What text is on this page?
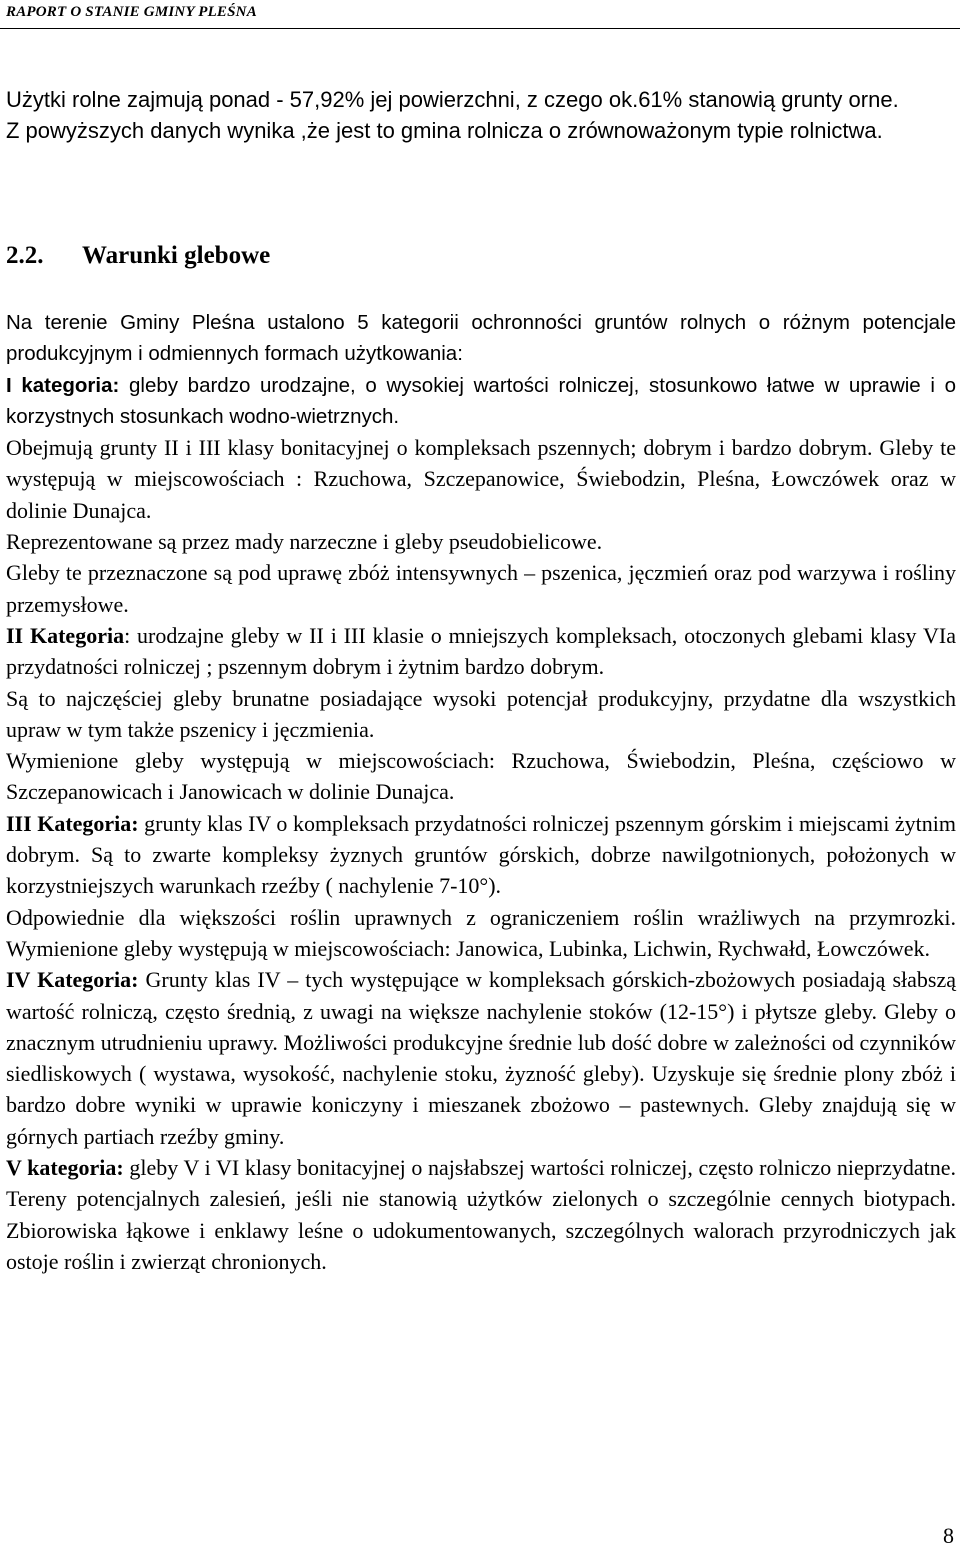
RAPORT O STANIE GMINY PLEŚNA

Użytki rolne zajmują ponad - 57,92% jej powierzchni, z czego ok.61% stanowią grunty orne.

Z powyższych danych wynika ,że jest to gmina rolnicza o zrównoważonym typie rolnictwa.

2.2. Warunki glebowe

Na terenie Gminy Pleśna ustalono 5 kategorii ochronności gruntów rolnych o różnym potencjale produkcyjnym i odmiennych formach użytkowania:

I kategoria: gleby bardzo urodzajne, o wysokiej wartości rolniczej, stosunkowo łatwe w uprawie i o korzystnych stosunkach wodno-wietrznych.

Obejmują grunty II i III klasy bonitacyjnej o kompleksach pszennych; dobrym i bardzo dobrym. Gleby te występują w miejscowościach : Rzuchowa, Szczepanowice, Świebodzin, Pleśna, Łowczówek oraz w dolinie Dunajca.

Reprezentowane są przez mady narzeczne i gleby pseudobielicowe.

Gleby te przeznaczone są pod uprawę zbóż intensywnych – pszenica, jęczmień oraz pod warzywa i rośliny przemysłowe.

II Kategoria: urodzajne gleby w II i III klasie o mniejszych kompleksach, otoczonych glebami klasy VIa przydatności rolniczej ; pszennym dobrym i żytnim bardzo dobrym.

Są to najczęściej gleby brunatne posiadające wysoki potencjał produkcyjny, przydatne dla wszystkich upraw w tym także pszenicy i jęczmienia.

Wymienione gleby występują w miejscowościach: Rzuchowa, Świebodzin, Pleśna, częściowo w Szczepanowicach i Janowicach w dolinie Dunajca.

III Kategoria: grunty klas IV o kompleksach przydatności rolniczej pszennym górskim i miejscami żytnim dobrym. Są to zwarte kompleksy żyznych gruntów górskich, dobrze nawilgotnionych, położonych w korzystniejszych warunkach rzeźby ( nachylenie 7-10°).

Odpowiednie dla większości roślin uprawnych z ograniczeniem roślin wrażliwych na przymrozki. Wymienione gleby występują w miejscowościach: Janowica, Lubinka, Lichwin, Rychwałd, Łowczówek.

IV Kategoria: Grunty klas IV – tych występujące w kompleksach górskich-zbożowych posiadają słabszą wartość rolniczą, często średnią, z uwagi na większe nachylenie stoków (12-15°) i płytsze gleby. Gleby o znacznym utrudnieniu uprawy. Możliwości produkcyjne średnie lub dość dobre w zależności od czynników siedliskowych ( wystawa, wysokość, nachylenie stoku, żyzność gleby). Uzyskuje się średnie plony zbóż i bardzo dobre wyniki w uprawie koniczyny i mieszanek zbożowo – pastewnych. Gleby znajdują się w górnych partiach rzeźby gminy.

V kategoria: gleby V i VI klasy bonitacyjnej o najsłabszej wartości rolniczej, często rolniczo nieprzydatne. Tereny potencjalnych zalesień, jeśli nie stanowią użytków zielonych o szczególnie cennych biotypach. Zbiorowiska łąkowe i enklawy leśne o udokumentowanych, szczególnych walorach przyrodniczych jak ostoje roślin i zwierząt chronionych.

8
